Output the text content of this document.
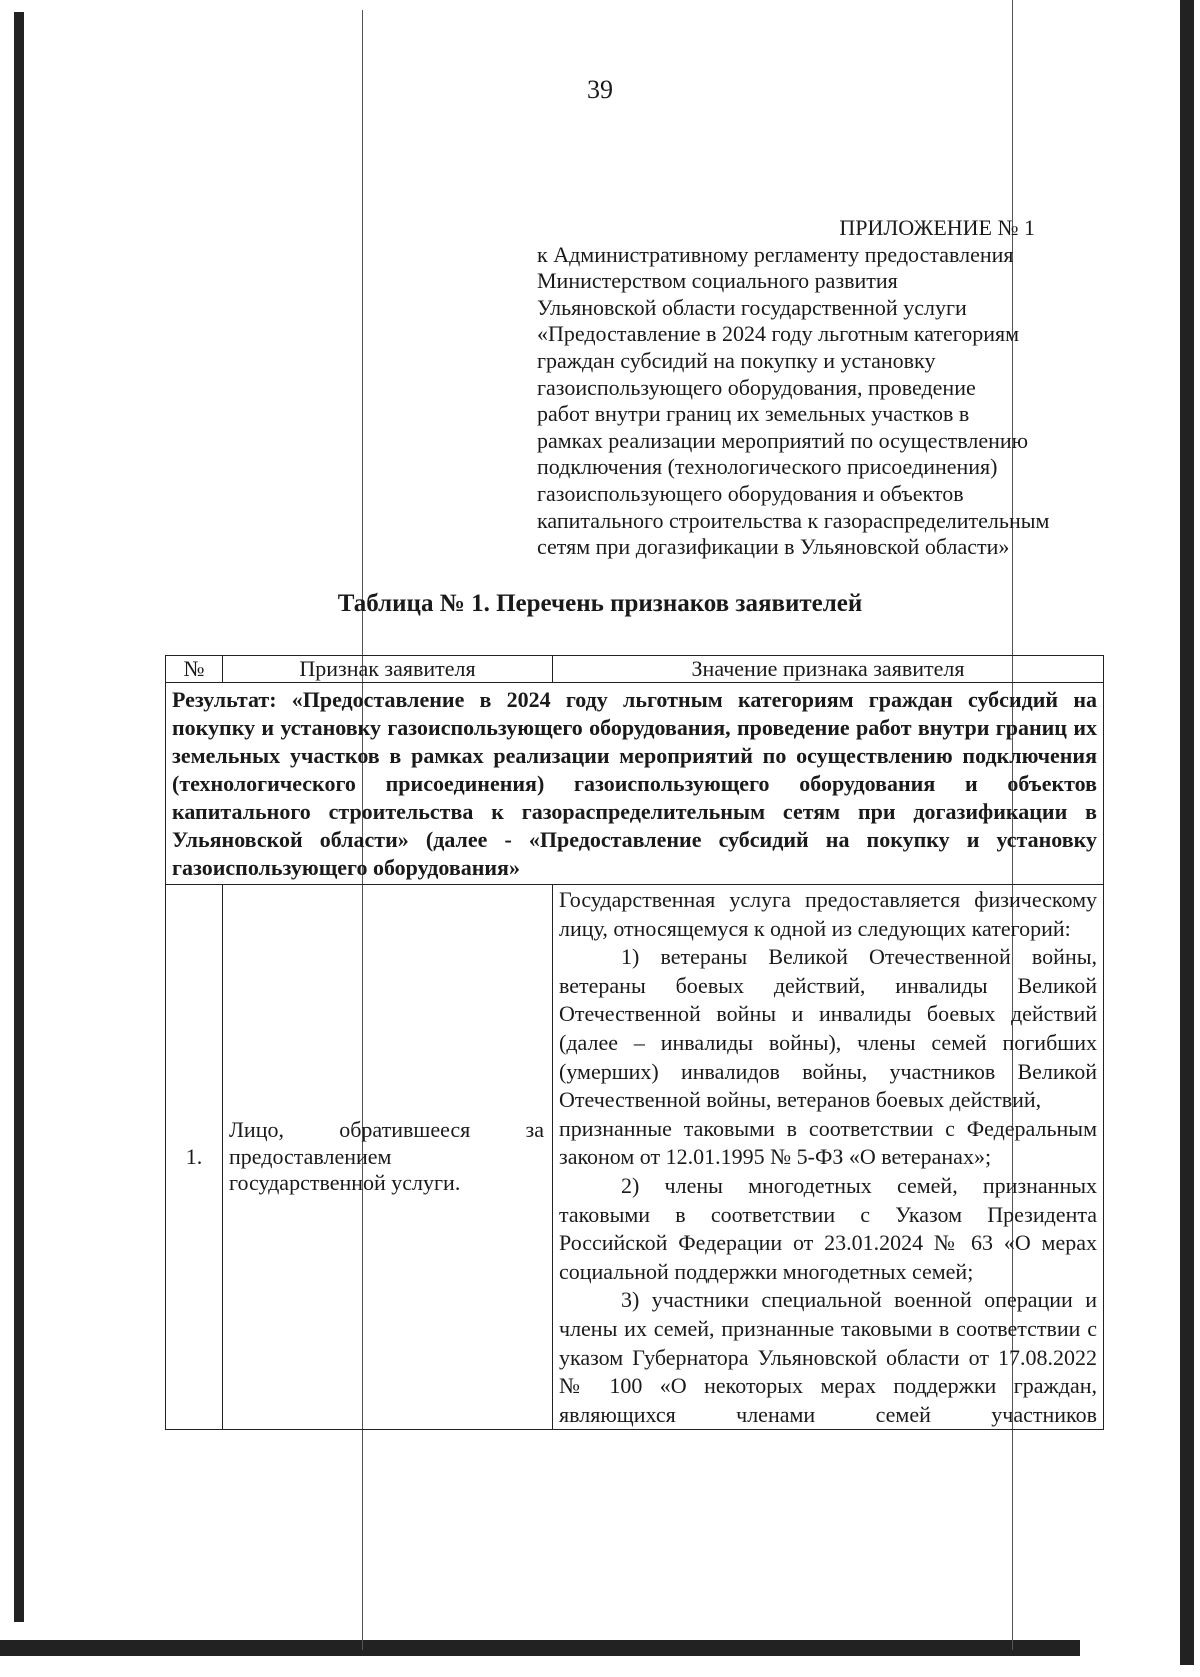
39
ПРИЛОЖЕНИЕ № 1
к Административному регламенту предоставления
Министерством социального развития
Ульяновской области государственной услуги
«Предоставление в 2024 году льготным категориям
граждан субсидий на покупку и установку
газоиспользующего оборудования, проведение
работ внутри границ их земельных участков в
рамках реализации мероприятий по осуществлению
подключения (технологического присоединения)
газоиспользующего оборудования и объектов
капитального строительства к газораспределительным
сетям при догазификации в Ульяновской области»
Таблица № 1. Перечень признаков заявителей
№	Признак заявителя	Значение признака заявителя
Результат: «Предоставление в 2024 году льготным категориям граждан субсидий на покупку и установку газоиспользующего оборудования, проведение работ внутри границ их земельных участков в рамках реализации мероприятий по осуществлению подключения (технологического присоединения) газоиспользующего оборудования и объектов капитального строительства к газораспределительным сетям при догазификации в Ульяновской области» (далее - «Предоставление субсидий на покупку и установку газоиспользующего оборудования»		
1.	Лицо, обратившееся за предоставлением государственной услуги.	Государственная услуга предоставляется физическому лицу, относящемуся к одной из следующих категорий:

1) ветераны Великой Отечественной войны, ветераны боевых действий, инвалиды Великой Отечественной войны и инвалиды боевых действий (далее – инвалиды войны), члены семей погибших (умерших) инвалидов войны, участников Великой Отечественной войны, ветеранов боевых действий,

признанные таковыми в соответствии с Федеральным законом от 12.01.1995 № 5-ФЗ «О ветеранах»;

2) члены многодетных семей, признанных таковыми в соответствии с Указом Президента Российской Федерации от 23.01.2024 № 63 «О мерах социальной поддержки многодетных семей;

3) участники специальной военной операции и члены их семей, признанные таковыми в соответствии с указом Губернатора Ульяновской области от 17.08.2022 № 100 «О некоторых мерах поддержки граждан, являющихся членами семей участников
